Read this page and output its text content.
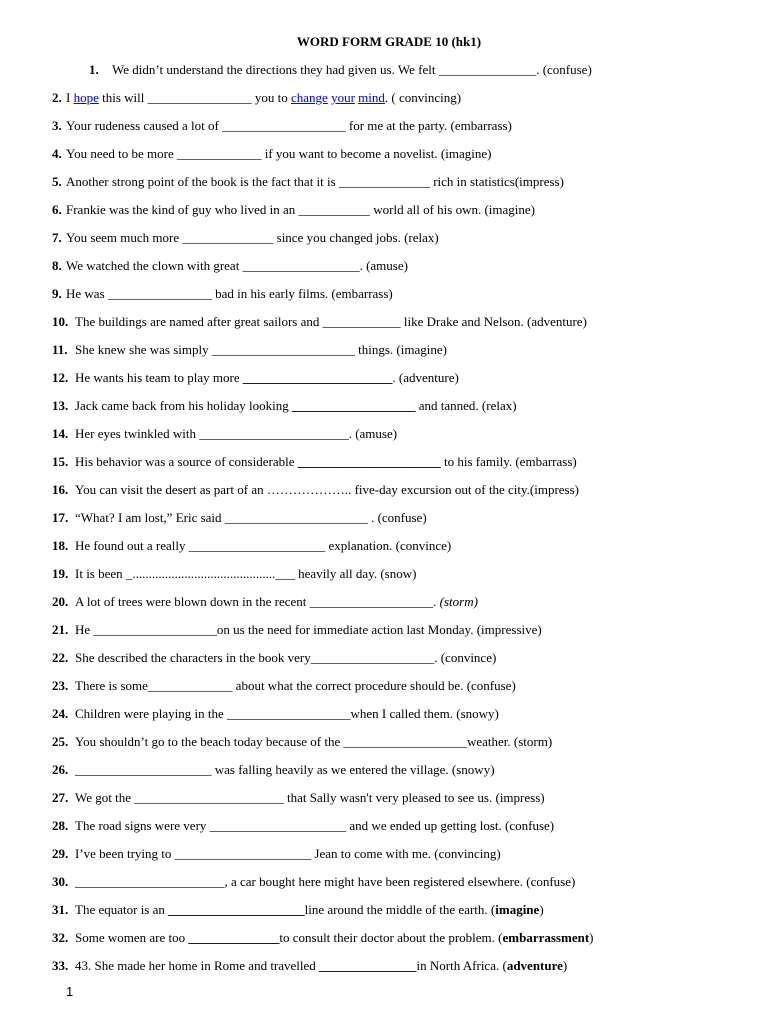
WORD FORM GRADE 10 (hk1)
1. We didn’t understand the directions they had given us. We felt _______________. (confuse)
2. I hope this will ________________ you to change your mind. ( convincing)
3. Your rudeness caused a lot of ___________________ for me at the party. (embarrass)
4. You need to be more _____________ if you want to become a novelist. (imagine)
5. Another strong point of the book is the fact that it is ______________ rich in statistics(impress)
6. Frankie was the kind of guy who lived in an ___________ world all of his own. (imagine)
7. You seem much more ______________ since you changed jobs. (relax)
8. We watched the clown with great __________________. (amuse)
9. He was ________________ bad in his early films. (embarrass)
10. The buildings are named after great sailors and ____________ like Drake and Nelson. (adventure)
11. She knew she was simply ______________________ things. (imagine)
12. He wants his team to play more _______________________. (adventure)
13. Jack came back from his holiday looking ___________________ and tanned. (relax)
14. Her eyes twinkled with _______________________. (amuse)
15. His behavior was a source of considerable ______________________ to his family. (embarrass)
16. You can visit the desert as part of an ……………….. five-day excursion out of the city.(impress)
17. “What? I am lost,” Eric said ______________________ . (confuse)
18. He found out a really _____________________ explanation. (convince)
19. It is been _............................................___ heavily all day. (snow)
20. A lot of trees were blown down in the recent ___________________. (storm)
21. He ___________________on us the need for immediate action last Monday. (impressive)
22. She described the characters in the book very___________________. (convince)
23. There is some_____________ about what the correct procedure should be. (confuse)
24. Children were playing in the ___________________when I called them. (snowy)
25. You shouldn’t go to the beach today because of the ___________________weather. (storm)
26. _____________________ was falling heavily as we entered the village. (snowy)
27. We got the _______________________ that Sally wasn't very pleased to see us. (impress)
28. The road signs were very _____________________ and we ended up getting lost. (confuse)
29. I’ve been trying to _____________________ Jean to come with me. (convincing)
30. _______________________, a car bought here might have been registered elsewhere. (confuse)
31. The equator is an _____________________line around the middle of the earth. (imagine)
32. Some women are too ______________to consult their doctor about the problem. (embarrassment)
33. 43. She made her home in Rome and travelled _______________in North Africa. (adventure)
1
